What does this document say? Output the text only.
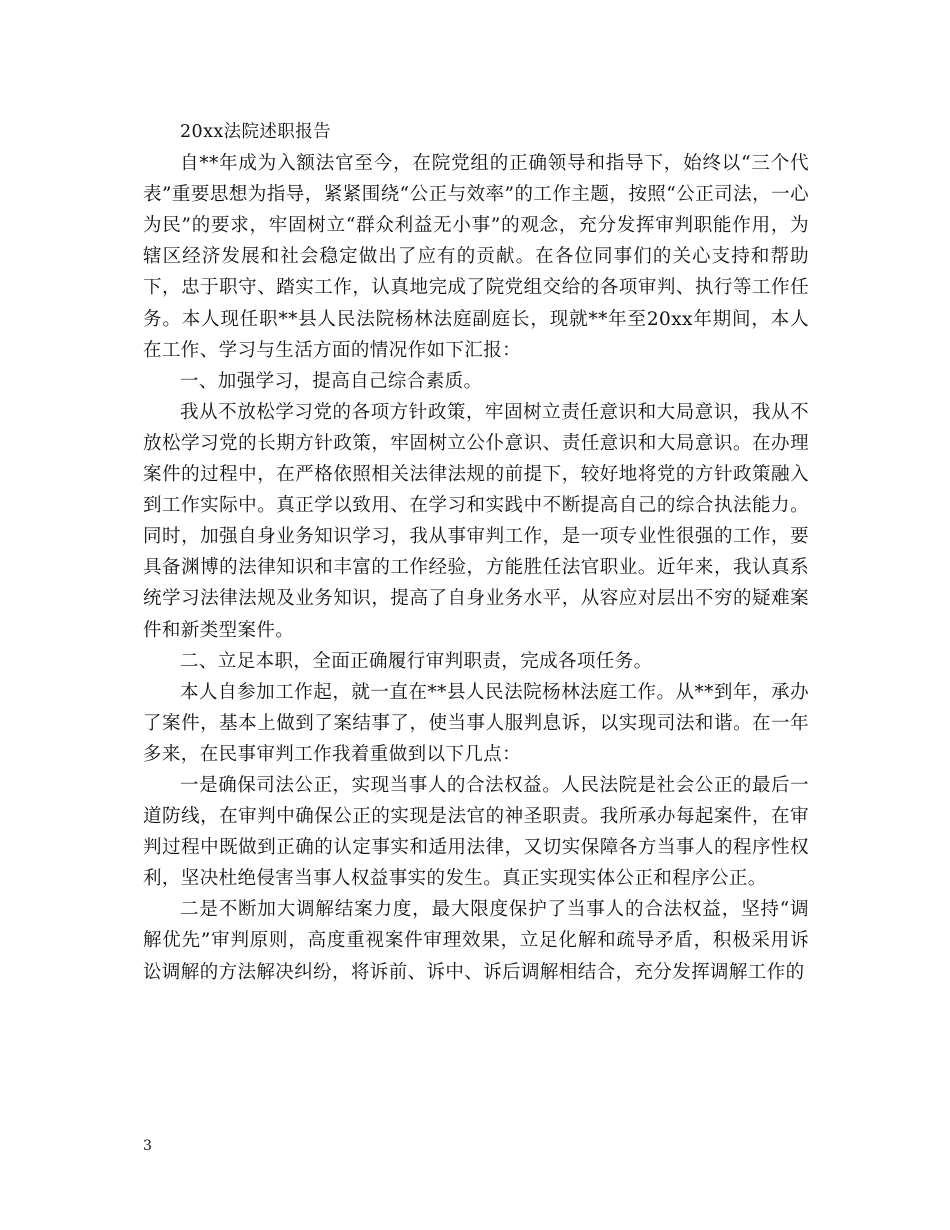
20xx法院述职报告

自**年成为入额法官至今，在院党组的正确领导和指导下，始终以“三个代表”重要思想为指导，紧紧围绕“公正与效率”的工作主题，按照“公正司法，一心为民”的要求，牢固树立“群众利益无小事”的观念，充分发挥审判职能作用，为辖区经济发展和社会稳定做出了应有的贡献。在各位同事们的关心支持和帮助下，忠于职守、踏实工作，认真地完成了院党组交给的各项审判、执行等工作任务。本人现任职**县人民法院杨林法庭副庭长，现就**年至20xx年期间，本人在工作、学习与生活方面的情况作如下汇报：

一、加强学习，提高自己综合素质。

我从不放松学习党的各项方针政策，牢固树立责任意识和大局意识，我从不放松学习党的长期方针政策，牢固树立公仆意识、责任意识和大局意识。在办理案件的过程中，在严格依照相关法律法规的前提下，较好地将党的方针政策融入到工作实际中。真正学以致用、在学习和实践中不断提高自己的综合执法能力。同时，加强自身业务知识学习，我从事审判工作，是一项专业性很强的工作，要具备渊博的法律知识和丰富的工作经验，方能胜任法官职业。近年来，我认真系统学习法律法规及业务知识，提高了自身业务水平，从容应对层出不穷的疑难案件和新类型案件。

二、立足本职，全面正确履行审判职责，完成各项任务。

本人自参加工作起，就一直在**县人民法院杨林法庭工作。从**到年，承办了案件，基本上做到了案结事了，使当事人服判息诉，以实现司法和谐。在一年多来，在民事审判工作我着重做到以下几点：

一是确保司法公正，实现当事人的合法权益。人民法院是社会公正的最后一道防线，在审判中确保公正的实现是法官的神圣职责。我所承办每起案件，在审判过程中既做到正确的认定事实和适用法律，又切实保障各方当事人的程序性权利，坚决杜绝侵害当事人权益事实的发生。真正实现实体公正和程序公正。

二是不断加大调解结案力度，最大限度保护了当事人的合法权益，坚持“调解优先”审判原则，高度重视案件审理效果，立足化解和疏导矛盾，积极采用诉讼调解的方法解决纠纷，将诉前、诉中、诉后调解相结合，充分发挥调解工作的

3
